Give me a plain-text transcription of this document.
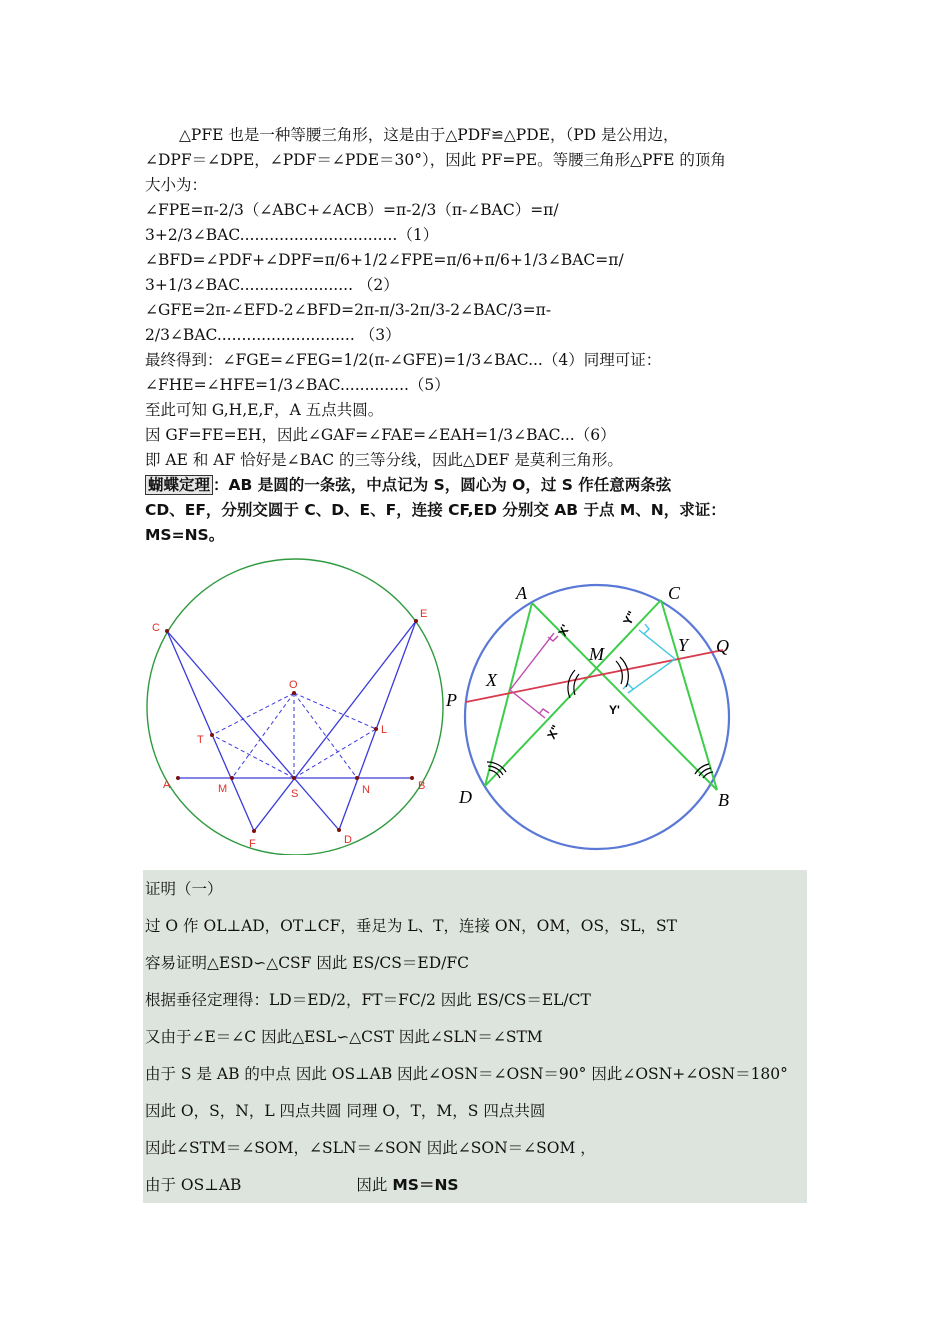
△PFE 也是一种等腰三角形，这是由于△PDF≌△PDE，（PD 是公用边，
∠DPF＝∠DPE，∠PDF＝∠PDE＝30°），因此 PF=PE。等腰三角形△PFE 的顶角
大小为：
∠FPE=π-2/3（∠ABC+∠ACB）=π-2/3（π-∠BAC）=π/
3+2/3∠BAC................................（1）
∠BFD=∠PDF+∠DPF=π/6+1/2∠FPE=π/6+π/6+1/3∠BAC=π/
3+1/3∠BAC....................... （2）
∠GFE=2π-∠EFD-2∠BFD=2π-π/3-2π/3-2∠BAC/3=π-
2/3∠BAC............................ （3）
最终得到：∠FGE=∠FEG=1/2(π-∠GFE)=1/3∠BAC...（4）同理可证：
∠FHE=∠HFE=1/3∠BAC..............（5）
至此可知 G,H,E,F，A 五点共圆。
因 GF=FE=EH，因此∠GAF=∠FAE=∠EAH=1/3∠BAC...（6）
即 AE 和 AF 恰好是∠BAC 的三等分线，因此△DEF 是莫利三角形。
蝴蝶定理 ：AB 是圆的一条弦，中点记为 S，圆心为 O，过 S 作任意两条弦
CD、EF，分别交圆于 C、D、E、F，连接 CF,ED 分别交 AB 于点 M、N，求证：
MS=NS。
C
E
O
T
L
A	M	S	N	B
F	D
A	C
Q
P
X
M	Y
D	B
X'
X"
Y'
Y"
证明（一）
过 O 作 OL⊥AD，OT⊥CF，垂足为 L、T，连接 ON，OM，OS，SL，ST
容易证明△ESD∽△CSF 因此 ES/CS＝ED/FC
根据垂径定理得：LD＝ED/2，FT＝FC/2 因此 ES/CS＝EL/CT
又由于∠E＝∠C 因此△ESL∽△CST 因此∠SLN＝∠STM
由于 S 是 AB 的中点 因此 OS⊥AB 因此∠OSN＝∠OSN＝90° 因此∠OSN+∠OSN＝180°
因此 O，S，N，L 四点共圆 同理 O，T，M，S 四点共圆
因此∠STM＝∠SOM，∠SLN＝∠SON 因此∠SON＝∠SOM ，
由于 OS⊥AB	因此 MS＝NS
